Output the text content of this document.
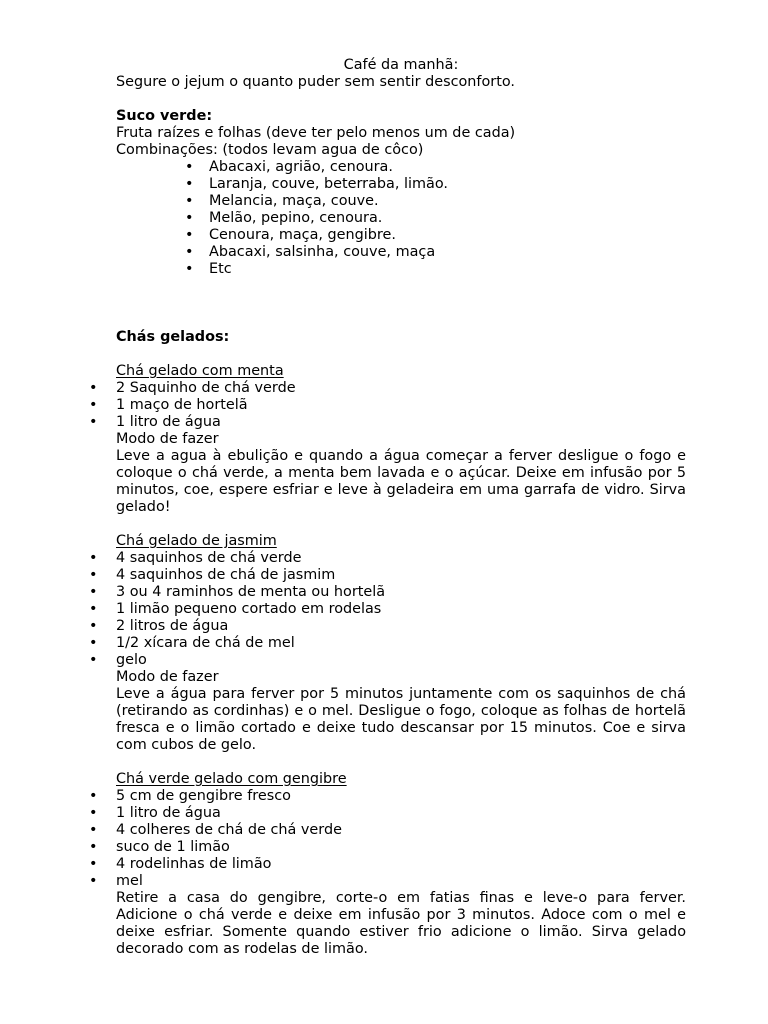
Café da manhã:

Segure o jejum o quanto puder sem sentir desconforto.

Suco verde:

Fruta raízes e folhas (deve ter pelo menos um de cada)

Combinações: (todos levam agua de côco)

• Abacaxi, agrião, cenoura.
• Laranja, couve, beterraba, limão.
• Melancia, maça, couve.
• Melão, pepino, cenoura.
• Cenoura, maça, gengibre.
• Abacaxi, salsinha, couve, maça
• Etc

Chás gelados:

Chá gelado com menta

• 2 Saquinho de chá verde
• 1 maço de hortelã
• 1 litro de água

Modo de fazer

Leve a agua à ebulição e quando a água começar a ferver desligue o fogo e coloque o chá verde, a menta bem lavada e o açúcar. Deixe em infusão por 5 minutos, coe, espere esfriar e leve à geladeira em uma garrafa de vidro. Sirva gelado!

Chá gelado de jasmim

• 4 saquinhos de chá verde
• 4 saquinhos de chá de jasmim
• 3 ou 4 raminhos de menta ou hortelã
• 1 limão pequeno cortado em rodelas
• 2 litros de água
• 1/2 xícara de chá de mel
• gelo

Modo de fazer

Leve a água para ferver por 5 minutos juntamente com os saquinhos de chá (retirando as cordinhas) e o mel. Desligue o fogo, coloque as folhas de hortelã fresca e o limão cortado e deixe tudo descansar por 15 minutos. Coe e sirva com cubos de gelo.

Chá verde gelado com gengibre

• 5 cm de gengibre fresco
• 1 litro de água
• 4 colheres de chá de chá verde
• suco de 1 limão
• 4 rodelinhas de limão
• mel

Retire a casa do gengibre, corte-o em fatias finas e leve-o para ferver. Adicione o chá verde e deixe em infusão por 3 minutos. Adoce com o mel e deixe esfriar. Somente quando estiver frio adicione o limão. Sirva gelado decorado com as rodelas de limão.
